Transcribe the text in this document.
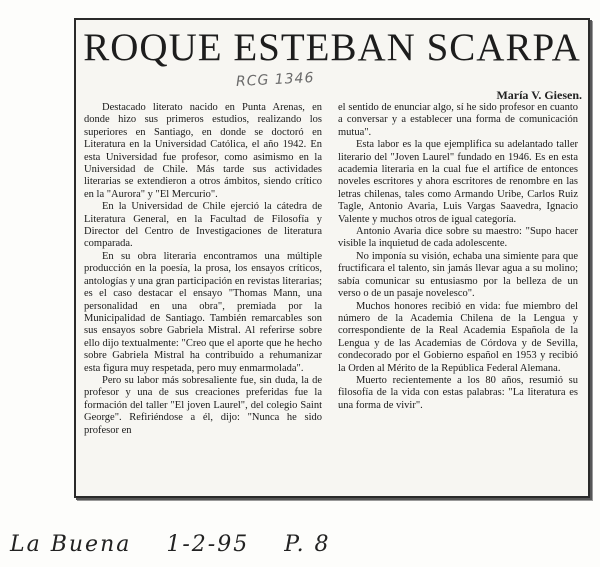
ROQUE ESTEBAN SCARPA
RCG 1346
María V. Giesen.

Destacado literato nacido en Punta Arenas, en donde hizo sus primeros estudios, realizando los superiores en Santiago, en donde se doctoró en Literatura en la Universidad Católica, el año 1942. En esta Universidad fue profesor, como asimismo en la Universidad de Chile. Más tarde sus actividades literarias se extendieron a otros ámbitos, siendo crítico en la "Aurora" y "El Mercurio".

En la Universidad de Chile ejerció la cátedra de Literatura General, en la Facultad de Filosofía y Director del Centro de Investigaciones de literatura comparada.

En su obra literaria encontramos una múltiple producción en la poesía, la prosa, los ensayos críticos, antologías y una gran participación en revistas literarias; es el caso destacar el ensayo "Thomas Mann, una personalidad en una obra", premiada por la Municipalidad de Santiago. También remarcables son sus ensayos sobre Gabriela Mistral. Al referirse sobre ello dijo textualmente: "Creo que el aporte que he hecho sobre Gabriela Mistral ha contribuido a rehumanizar esta figura muy respetada, pero muy enmarmolada".

Pero su labor más sobresaliente fue, sin duda, la de profesor y una de sus creaciones preferidas fue la formación del taller "El joven Laurel", del colegio Saint George". Refiriéndose a él, dijo: "Nunca he sido profesor en

el sentido de enunciar algo, sí he sido profesor en cuanto a conversar y a establecer una forma de comunicación mutua".

Esta labor es la que ejemplifica su adelantado taller literario del "Joven Laurel" fundado en 1946. Es en esta academia literaria en la cual fue el artífice de entonces noveles escritores y ahora escritores de renombre en las letras chilenas, tales como Armando Uribe, Carlos Ruiz Tagle, Antonio Avaria, Luis Vargas Saavedra, Ignacio Valente y muchos otros de igual categoría.

Antonio Avaria dice sobre su maestro: "Supo hacer visible la inquietud de cada adolescente.

No imponía su visión, echaba una simiente para que fructificara el talento, sin jamás llevar agua a su molino; sabía comunicar su entusiasmo por la belleza de un verso o de un pasaje novelesco".

Muchos honores recibió en vida: fue miembro del número de la Academia Chilena de la Lengua y correspondiente de la Real Academia Española de la Lengua y de las Academias de Córdova y de Sevilla, condecorado por el Gobierno español en 1953 y recibió la Orden al Mérito de la República Federal Alemana.

Muerto recientemente a los 80 años, resumió su filosofía de la vida con estas palabras: "La literatura es una forma de vivir".

La Buena 1-2-95 P. 8
